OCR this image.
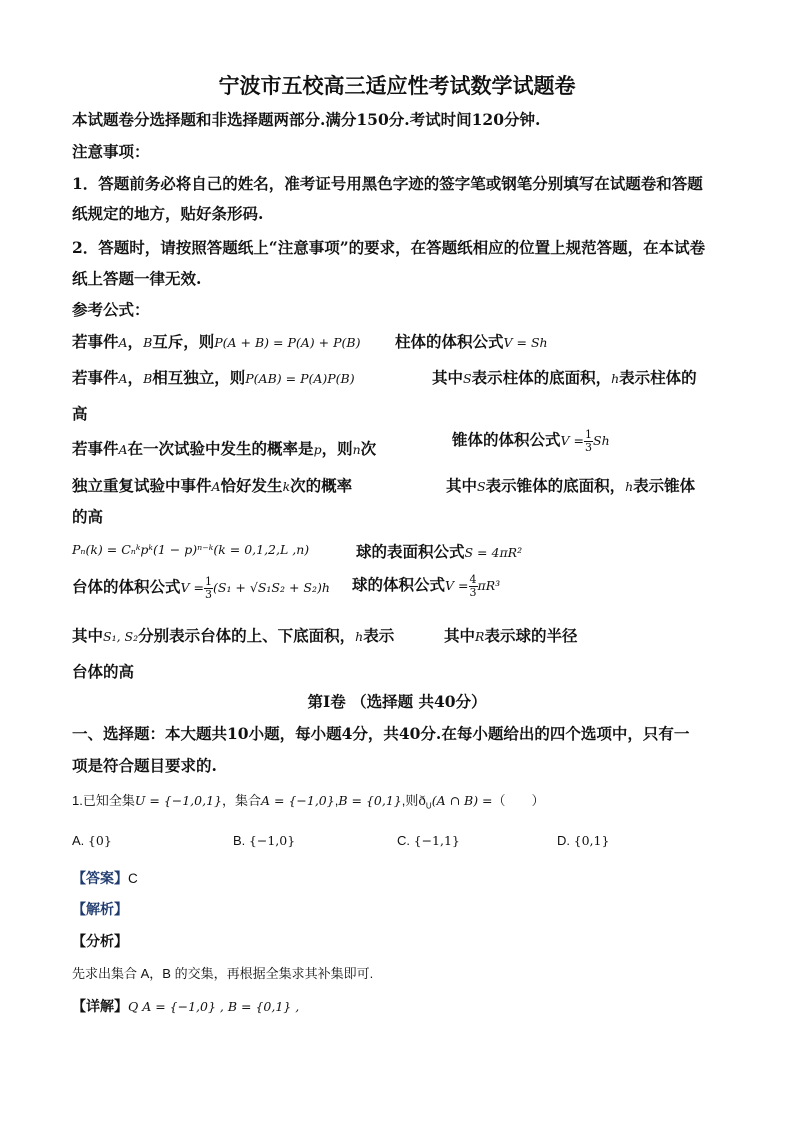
宁波市五校高三适应性考试数学试题卷
本试题卷分选择题和非选择题两部分.满分150分.考试时间120分钟.
注意事项：
1．答题前务必将自己的姓名，准考证号用黑色字迹的签字笔或钢笔分别填写在试题卷和答题
纸规定的地方，贴好条形码.
2．答题时，请按照答题纸上“注意事项”的要求，在答题纸相应的位置上规范答题，在本试卷
纸上答题一律无效.
参考公式：
若事件A，B互斥，则P(A + B) = P(A) + P(B) 柱体的体积公式V = Sh
若事件A，B相互独立，则P(AB) = P(A)P(B)	其中S表示柱体的底面积，h表示柱体的
高
若事件A在一次试验中发生的概率是p，则n次	锥体的体积公式$V = \frac{1}{3}$ Sh
独立重复试验中事件A恰好发生k次的概率	其中S表示锥体的底面积，h表示锥体
的高
Pₙ(k) = Cₙᵏpᵏ(1 − p)ⁿ⁻ᵏ(k = 0,1,2,L ,n)	球的表面积公式S = 4πR²
台体的体积公式$V = \frac{1}{3} (S_1 + √S_1S_2 + S_2)h$ 球的体积公式$V = \frac{4}{3} \pi R^3$
其中S₁, S₂分别表示台体的上、下底面积，h表示	其中R表示球的半径
台体的高
第Ⅰ卷 （选择题 共40分）
一、选择题：本大题共10小题，每小题4分，共40分.在每小题给出的四个选项中，只有一
项是符合题目要求的.
1.已知全集U = {−1,0,1}，集合A = {−1,0},B = {0,1},则$ð_U(A$ ∩ B) =（　　）
A. {0}	B. {−1,0}	C. {−1,1}	D. {0,1}
【答案】C
【解析】
【分析】
先求出集合 A，B 的交集，再根据全集求其补集即可.
【详解】Q A = {−1,0} , B = {0,1} ,
